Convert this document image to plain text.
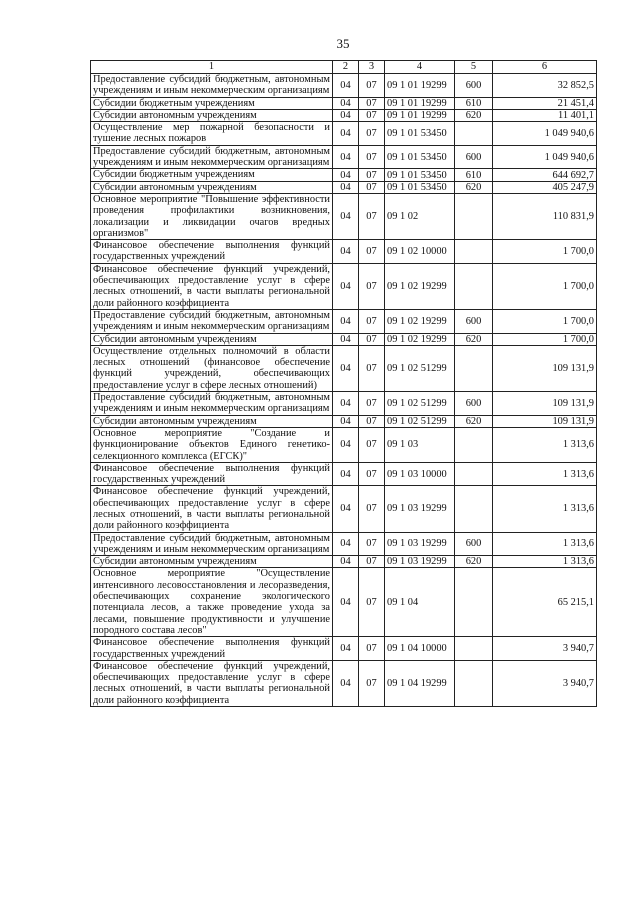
35
1	2	3	4	5	6
Предоставление субсидий бюджетным, автономным учреждениям и иным некоммерческим организациям	04	07	09 1 01 19299	600	32 852,5
Субсидии бюджетным учреждениям	04	07	09 1 01 19299	610	21 451,4
Субсидии автономным учреждениям	04	07	09 1 01 19299	620	11 401,1
Осуществление мер пожарной безопасности и тушение лесных пожаров	04	07	09 1 01 53450		1 049 940,6
Предоставление субсидий бюджетным, автономным учреждениям и иным некоммерческим организациям	04	07	09 1 01 53450	600	1 049 940,6
Субсидии бюджетным учреждениям	04	07	09 1 01 53450	610	644 692,7
Субсидии автономным учреждениям	04	07	09 1 01 53450	620	405 247,9
Основное мероприятие "Повышение эффективности проведения профилактики возникновения, локализации и ликвидации очагов вредных организмов"	04	07	09 1 02		110 831,9
Финансовое обеспечение выполнения функций государственных учреждений	04	07	09 1 02 10000		1 700,0
Финансовое обеспечение функций учреждений, обеспечивающих предоставление услуг в сфере лесных отношений, в части выплаты региональной доли районного коэффициента	04	07	09 1 02 19299		1 700,0
Предоставление субсидий бюджетным, автономным учреждениям и иным некоммерческим организациям	04	07	09 1 02 19299	600	1 700,0
Субсидии автономным учреждениям	04	07	09 1 02 19299	620	1 700,0
Осуществление отдельных полномочий в области лесных отношений (финансовое обеспечение функций учреждений, обеспечивающих предоставление услуг в сфере лесных отношений)	04	07	09 1 02 51299		109 131,9
Предоставление субсидий бюджетным, автономным учреждениям и иным некоммерческим организациям	04	07	09 1 02 51299	600	109 131,9
Субсидии автономным учреждениям	04	07	09 1 02 51299	620	109 131,9
Основное мероприятие "Создание и функционирование объектов Единого генетико-селекционного комплекса (ЕГСК)"	04	07	09 1 03		1 313,6
Финансовое обеспечение выполнения функций государственных учреждений	04	07	09 1 03 10000		1 313,6
Финансовое обеспечение функций учреждений, обеспечивающих предоставление услуг в сфере лесных отношений, в части выплаты региональной доли районного коэффициента	04	07	09 1 03 19299		1 313,6
Предоставление субсидий бюджетным, автономным учреждениям и иным некоммерческим организациям	04	07	09 1 03 19299	600	1 313,6
Субсидии автономным учреждениям	04	07	09 1 03 19299	620	1 313,6
Основное мероприятие "Осуществление интенсивного лесовосстановления и лесоразведения, обеспечивающих сохранение экологического потенциала лесов, а также проведение ухода за лесами, повышение продуктивности и улучшение породного состава лесов"	04	07	09 1 04		65 215,1
Финансовое обеспечение выполнения функций государственных учреждений	04	07	09 1 04 10000		3 940,7
Финансовое обеспечение функций учреждений, обеспечивающих предоставление услуг в сфере лесных отношений, в части выплаты региональной доли районного коэффициента	04	07	09 1 04 19299		3 940,7
